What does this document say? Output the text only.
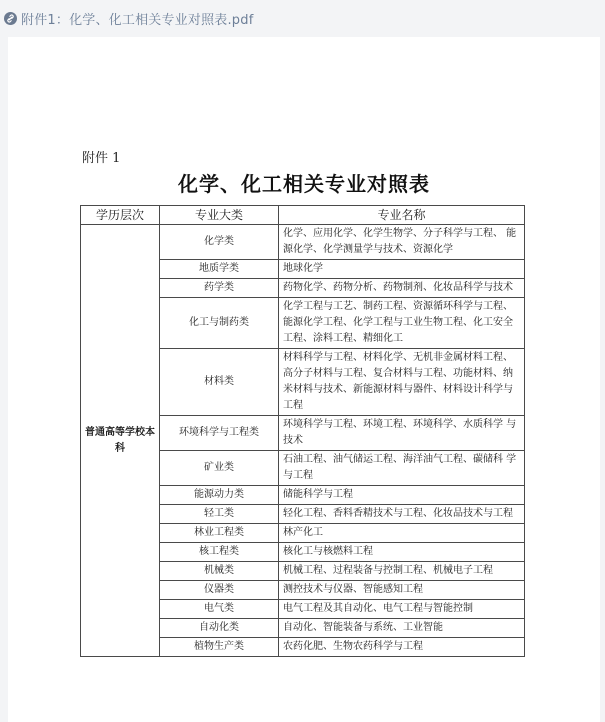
附件1：化学、化工相关专业对照表.pdf
附件 1
化学、化工相关专业对照表
学历层次	专业大类	专业名称
普通高等学校本科	化学类	化学、应用化学、化学生物学、分子科学与工程、 能源化学、化学测量学与技术、资源化学
	地质学类	地球化学
	药学类	药物化学、药物分析、药物制剂、化妆品科学与技术
	化工与制药类	化学工程与工艺、制药工程、资源循环科学与工程、能源化学工程、化学工程与工业生物工程、化工安全工程、涂料工程、精细化工
	材料类	材料科学与工程、材料化学、无机非金属材料工程、高分子材料与工程、复合材料与工程、功能材料、纳米材料与技术、新能源材料与器件、材料设计科学与工程
	环境科学与工程类	环境科学与工程、环境工程、环境科学、水质科学 与技术
	矿业类	石油工程、油气储运工程、海洋油气工程、碳储科 学与工程
	能源动力类	储能科学与工程
	轻工类	轻化工程、香料香精技术与工程、化妆品技术与工程
	林业工程类	林产化工
	核工程类	核化工与核燃料工程
	机械类	机械工程、过程装备与控制工程、机械电子工程
	仪器类	测控技术与仪器、智能感知工程
	电气类	电气工程及其自动化、电气工程与智能控制
	自动化类	自动化、智能装备与系统、工业智能
	植物生产类	农药化肥、生物农药科学与工程
